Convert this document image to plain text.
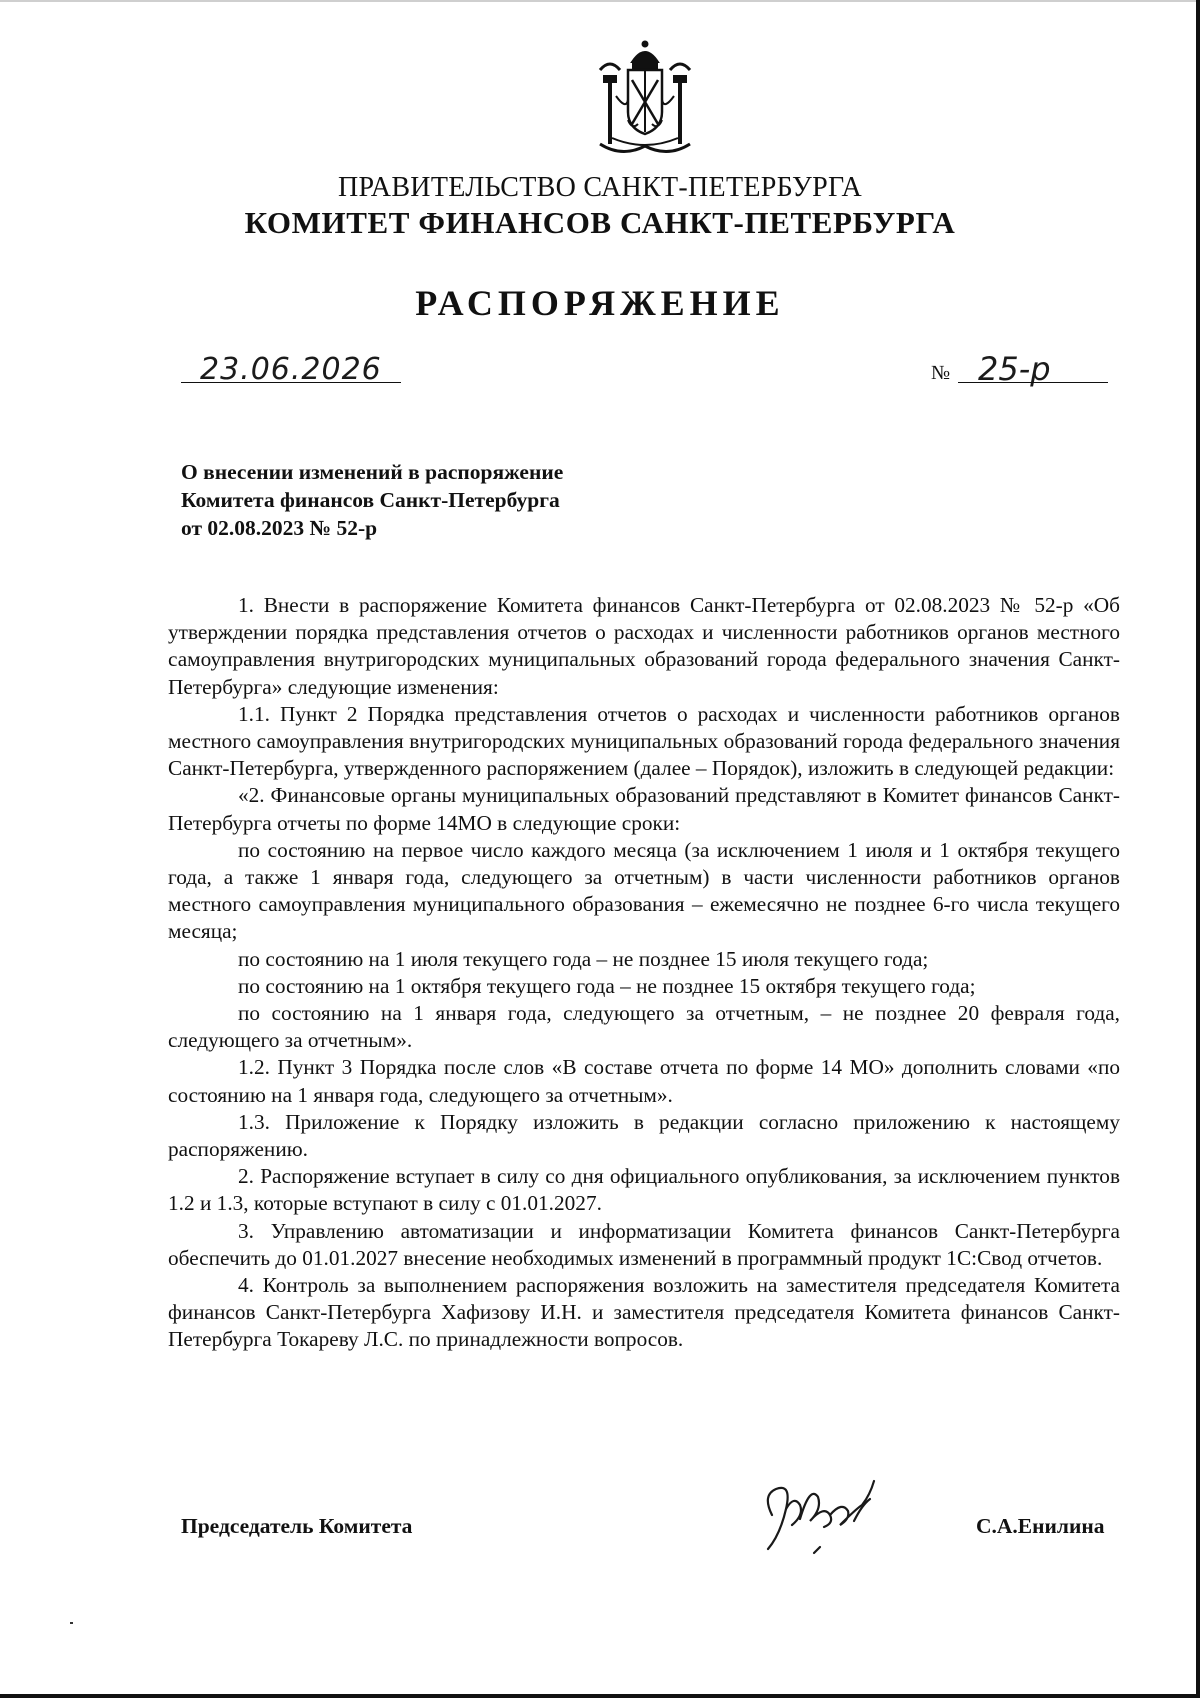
ПРАВИТЕЛЬСТВО САНКТ-ПЕТЕРБУРГА
КОМИТЕТ ФИНАНСОВ САНКТ-ПЕТЕРБУРГА
РАСПОРЯЖЕНИЕ
23.06.2026	№ 25-р
О внесении изменений в распоряжение
Комитета финансов Санкт-Петербурга
от 02.08.2023 № 52-р

1. Внести в распоряжение Комитета финансов Санкт-Петербурга от 02.08.2023 № 52-р «Об утверждении порядка представления отчетов о расходах и численности работников органов местного самоуправления внутригородских муниципальных образований города федерального значения Санкт-Петербурга» следующие изменения:

1.1. Пункт 2 Порядка представления отчетов о расходах и численности работников органов местного самоуправления внутригородских муниципальных образований города федерального значения Санкт-Петербурга, утвержденного распоряжением (далее – Порядок), изложить в следующей редакции:

«2. Финансовые органы муниципальных образований представляют в Комитет финансов Санкт-Петербурга отчеты по форме 14МО в следующие сроки:

по состоянию на первое число каждого месяца (за исключением 1 июля и 1 октября текущего года, а также 1 января года, следующего за отчетным) в части численности работников органов местного самоуправления муниципального образования – ежемесячно не позднее 6-го числа текущего месяца;

по состоянию на 1 июля текущего года – не позднее 15 июля текущего года;

по состоянию на 1 октября текущего года – не позднее 15 октября текущего года;

по состоянию на 1 января года, следующего за отчетным, – не позднее 20 февраля года, следующего за отчетным».

1.2. Пункт 3 Порядка после слов «В составе отчета по форме 14 МО» дополнить словами «по состоянию на 1 января года, следующего за отчетным».

1.3. Приложение к Порядку изложить в редакции согласно приложению к настоящему распоряжению.

2. Распоряжение вступает в силу со дня официального опубликования, за исключением пунктов 1.2 и 1.3, которые вступают в силу с 01.01.2027.

3. Управлению автоматизации и информатизации Комитета финансов Санкт-Петербурга обеспечить до 01.01.2027 внесение необходимых изменений в программный продукт 1С:Свод отчетов.

4. Контроль за выполнением распоряжения возложить на заместителя председателя Комитета финансов Санкт-Петербурга Хафизову И.Н. и заместителя председателя Комитета финансов Санкт-Петербурга Токареву Л.С. по принадлежности вопросов.

Председатель Комитета	С.А.Енилина
